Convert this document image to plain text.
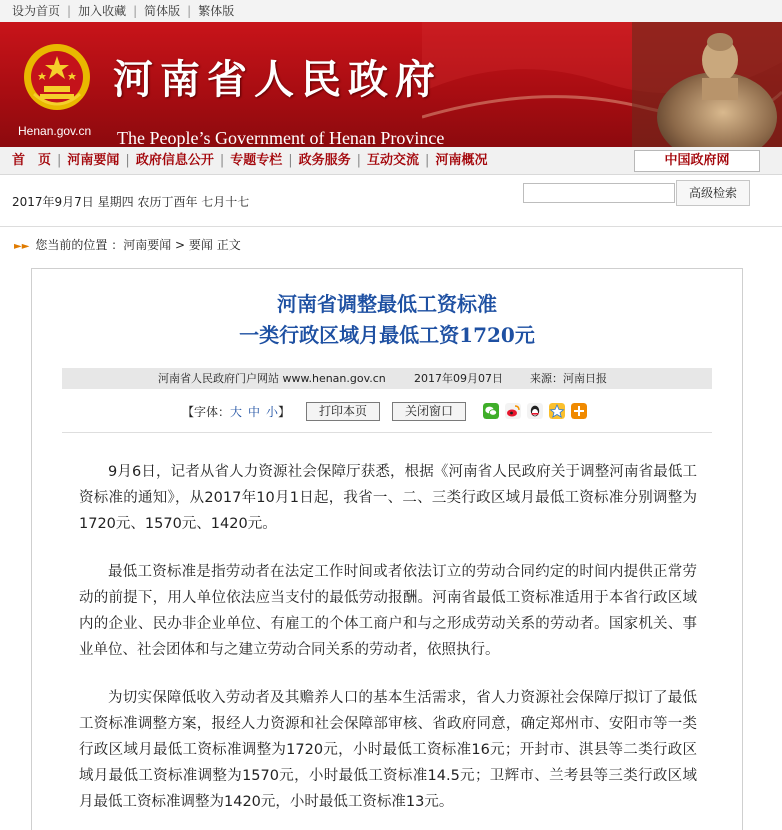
设为首页 | 加入收藏 | 简体版 | 繁体版
Henan.gov.cn
河南省人民政府
The People’s Government of Henan Province
首　页 | 河南要闻 | 政府信息公开 | 专题专栏 | 政务服务 | 互动交流 | 河南概况	中国政府网
2017年9月7日 星期四 农历丁酉年 七月十七
高级检索
►► 您当前的位置 ：河南要闻 > 要闻 正文
河南省调整最低工资标准
一类行政区域月最低工资1720元
河南省人民政府门户网站 www.henan.gov.cn	2017年09月07日 来源：河南日报
【字体：大  中  小】	打印本页	关闭窗口

9月6日，记者从省人力资源社会保障厅获悉，根据《河南省人民政府关于调整河南省最低工资标准的通知》，从2017年10月1日起，我省一、二、三类行政区域月最低工资标准分别调整为1720元、1570元、1420元。

最低工资标准是指劳动者在法定工作时间或者依法订立的劳动合同约定的时间内提供正常劳动的前提下，用人单位依法应当支付的最低劳动报酬。河南省最低工资标准适用于本省行政区域内的企业、民办非企业单位、有雇工的个体工商户和与之形成劳动关系的劳动者。国家机关、事业单位、社会团体和与之建立劳动合同关系的劳动者，依照执行。

为切实保障低收入劳动者及其赡养人口的基本生活需求，省人力资源社会保障厅拟订了最低工资标准调整方案，报经人力资源和社会保障部审核、省政府同意，确定郑州市、安阳市等一类行政区域月最低工资标准调整为1720元，小时最低工资标准16元；开封市、淇县等二类行政区域月最低工资标准调整为1570元，小时最低工资标准14.5元；卫辉市、兰考县等三类行政区域月最低工资标准调整为1420元，小时最低工资标准13元。
